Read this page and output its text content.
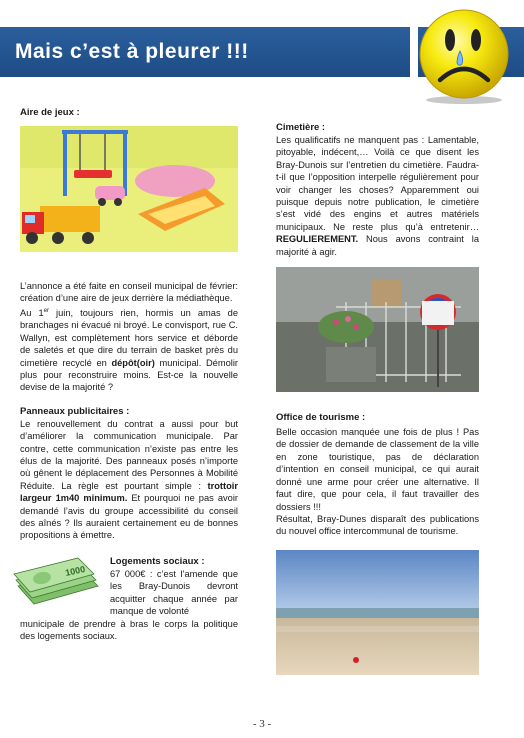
Mais c’est à pleurer !!!

Aire de jeux :

L’annonce a été faite en conseil municipal de février: création d’une aire de jeux derrière la médiathèque.

Au 1er juin, toujours rien, hormis un amas de branchages ni évacué ni broyé. Le convisport, rue C. Wallyn, est complètement hors service et déborde de saletés et que dire du terrain de basket près du cimetière recyclé en dépôt(oir) municipal. Démolir plus pour reconstruire moins. Est-ce la nouvelle devise de la majorité ?

Panneaux publicitaires :

Le renouvellement du contrat a aussi pour but d’améliorer la communication municipale. Par contre, cette communication n’existe pas entre les élus de la majorité. Des panneaux posés n’importe où gênent le déplacement des Personnes à Mobilité Réduite. La règle est pourtant simple : trottoir largeur 1m40 minimum. Et pourquoi ne pas avoir demandé l’avis du groupe accessibilité du conseil des aînés ? Ils auraient certainement eu de bonnes propositions à émettre.

1000

Logements sociaux :

67 000€ : c’est l’amende que les Bray-Dunois devront acquitter chaque année par manque de volonté

municipale de prendre à bras le corps la politique des logements sociaux.

Cimetière :

Les qualificatifs ne manquent pas : Lamentable, pitoyable, indécent,… Voilà ce que disent les Bray-Dunois sur l’entretien du cimetière. Faudra-t-il que l’opposition interpelle régulièrement pour voir changer les choses? Apparemment oui puisque depuis notre publication, le cimetière s’est vidé des engins et autres matériels municipaux. Ne reste plus qu’à entretenir… REGULIEREMENT. Nous avons contraint la majorité à agir.

Office de tourisme :

Belle occasion manquée une fois de plus ! Pas de dossier de demande de classement de la ville en zone touristique, pas de déclaration d’intention en conseil municipal, ce qui aurait donné une arme pour créer une alternative. Il faut dire, que pour cela, il faut travailler des dossiers !!!

Résultat, Bray-Dunes disparaît des publications du nouvel office intercommunal de tourisme.

- 3 -
